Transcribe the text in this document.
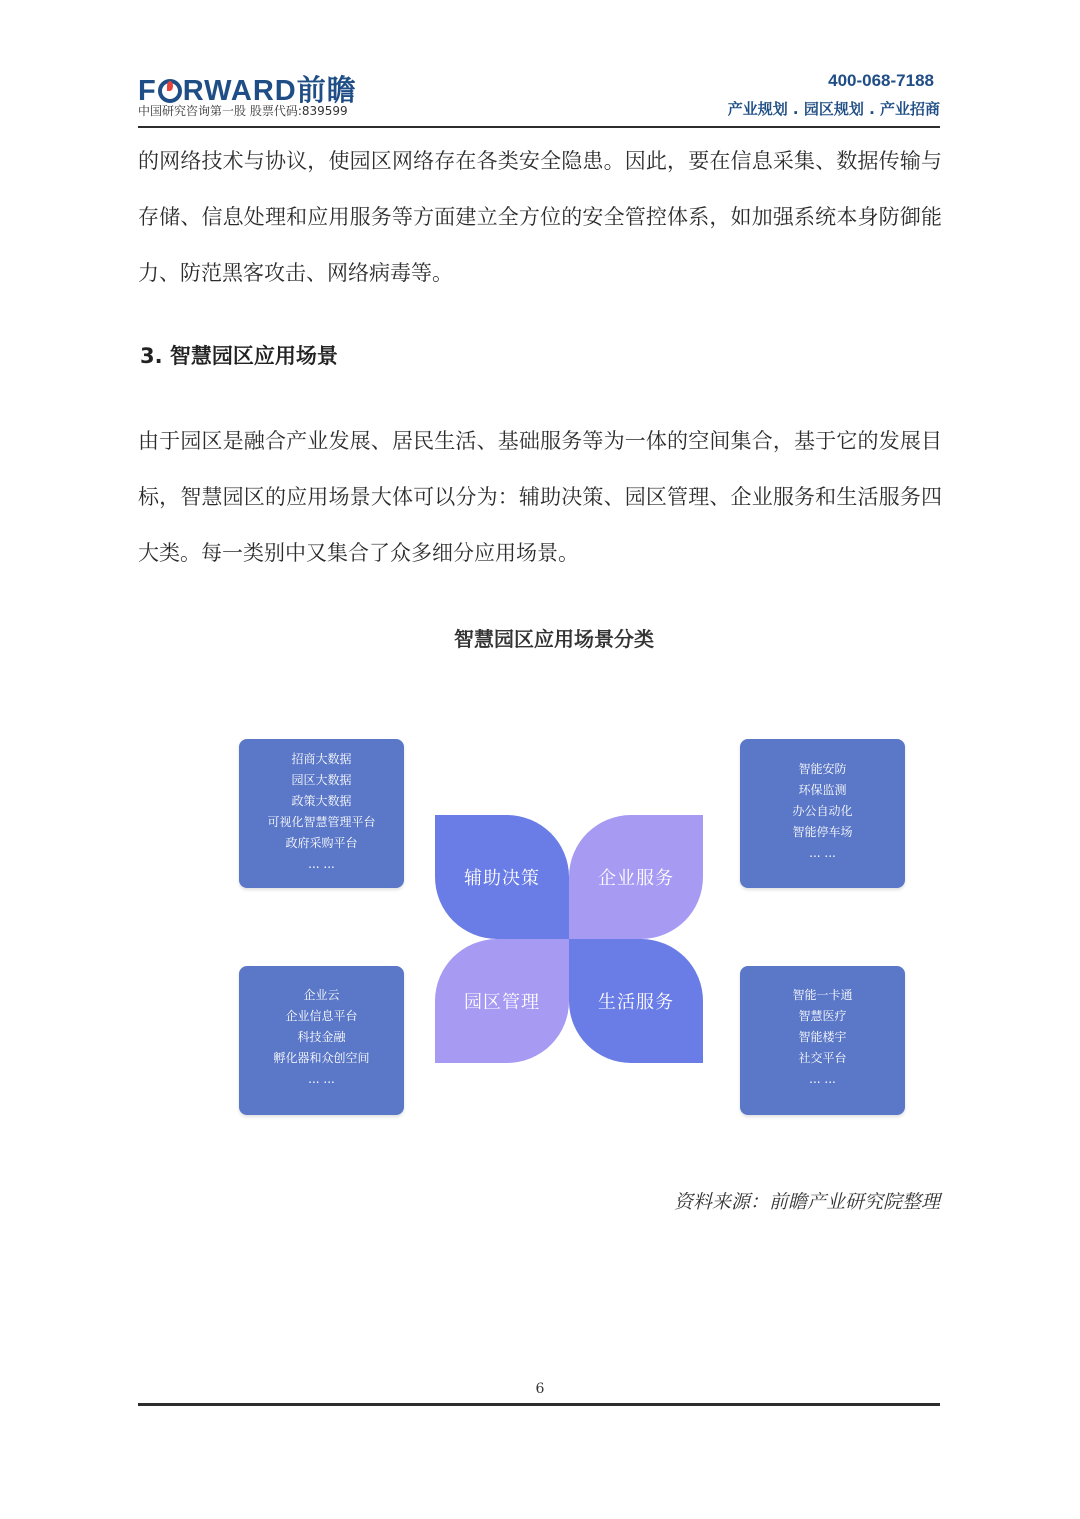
F RWARD前瞻
中国研究咨询第一股 股票代码:839599
400-068-7188
产业规划 . 园区规划 . 产业招商
的网络技术与协议，使园区网络存在各类安全隐患。因此，要在信息采集、数据传输与存储、信息处理和应用服务等方面建立全方位的安全管控体系，如加强系统本身防御能力、防范黑客攻击、网络病毒等。
3. 智慧园区应用场景
由于园区是融合产业发展、居民生活、基础服务等为一体的空间集合，基于它的发展目标，智慧园区的应用场景大体可以分为：辅助决策、园区管理、企业服务和生活服务四大类。每一类别中又集合了众多细分应用场景。
智慧园区应用场景分类
招商大数据
园区大数据
政策大数据
可视化智慧管理平台
政府采购平台
... ...
智能安防
环保监测
办公自动化
智能停车场
... ...
企业云
企业信息平台
科技金融
孵化器和众创空间
... ...
智能一卡通
智慧医疗
智能楼宇
社交平台
... ...
辅助决策	企业服务
园区管理	生活服务
资料来源：前瞻产业研究院整理
6
